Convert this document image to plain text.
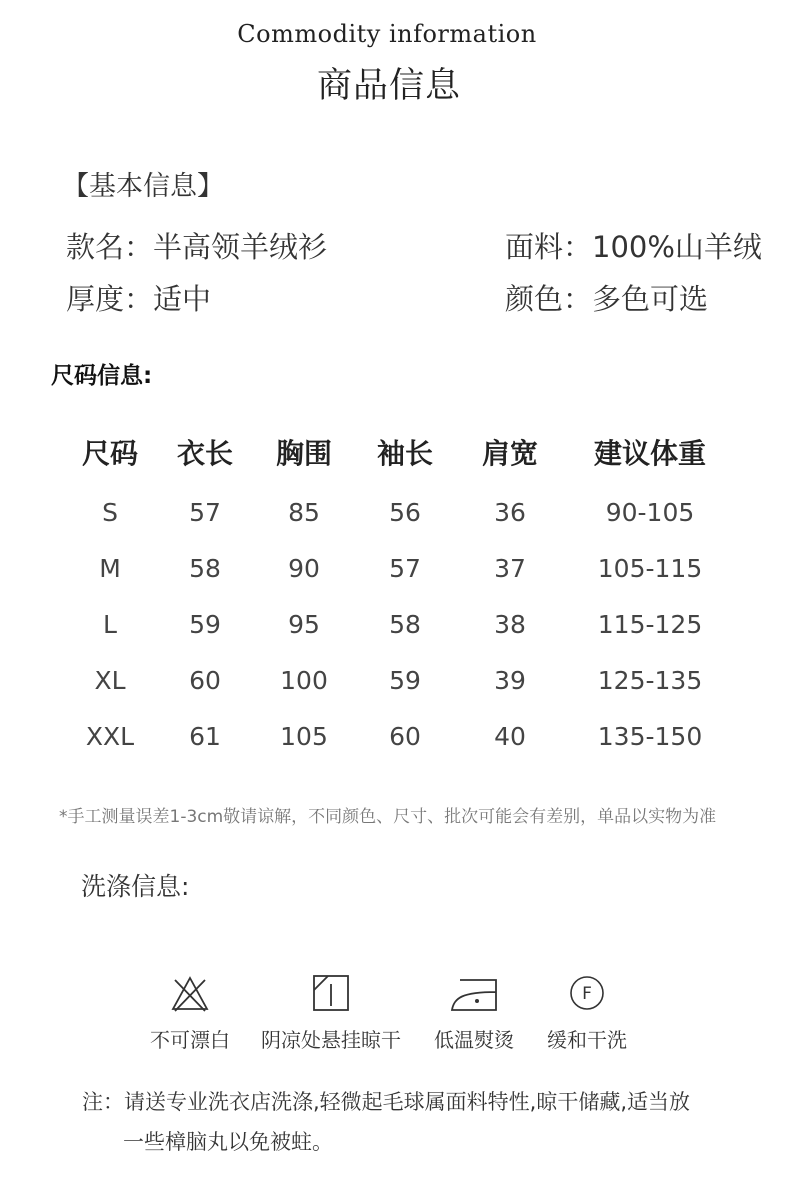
Commodity information
商品信息
【基本信息】
款名：半高领羊绒衫	面料：100%山羊绒
厚度：适中	颜色：多色可选
尺码信息:
尺码	衣长	胸围	袖长	肩宽	建议体重
S	57	85	56	36	90-105
M	58	90	57	37	105-115
L	59	95	58	38	115-125
XL	60	100	59	39	125-135
XXL	61	105	60	40	135-150
*手工测量误差1-3cm敬请谅解，不同颜色、尺寸、批次可能会有差别，单品以实物为准
洗涤信息:
F
不可漂白	阴凉处悬挂晾干	低温熨烫	缓和干洗
注：请送专业洗衣店洗涤,轻微起毛球属面料特性,晾干储藏,适当放
一些樟脑丸以免被蛀。
